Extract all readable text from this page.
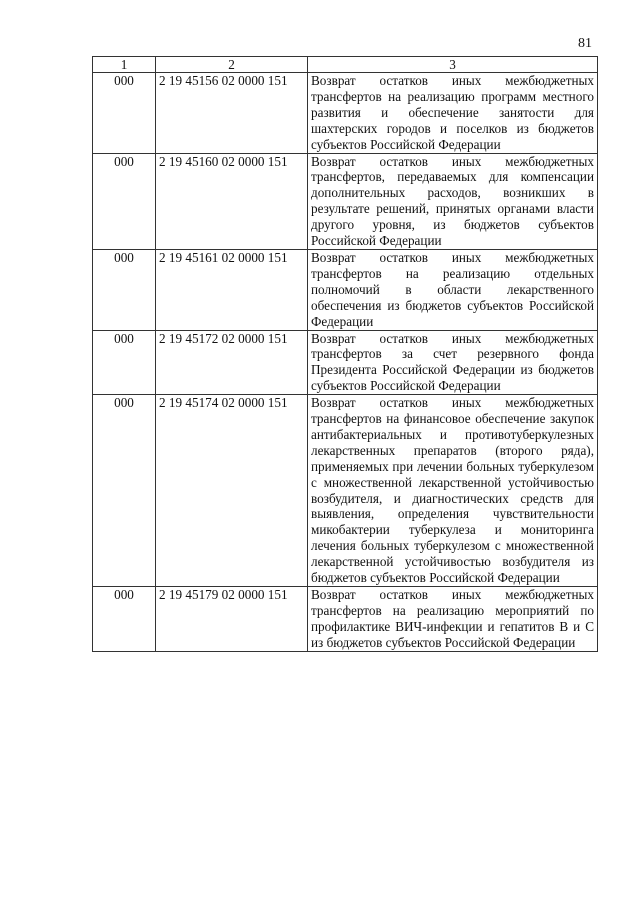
81
1	2	3
000	2 19 45156 02 0000 151	Возврат остатков иных межбюджетных трансфертов на реализацию программ местного развития и обеспечение занятости для шахтерских городов и поселков из бюджетов субъектов Российской Федерации
000	2 19 45160 02 0000 151	Возврат остатков иных межбюджетных трансфертов, передаваемых для компенсации дополнительных расходов, возникших в результате решений, принятых органами власти другого уровня, из бюджетов субъектов Российской Федерации
000	2 19 45161 02 0000 151	Возврат остатков иных межбюджетных трансфертов на реализацию отдельных полномочий в области лекарственного обеспечения из бюджетов субъектов Российской Федерации
000	2 19 45172 02 0000 151	Возврат остатков иных межбюджетных трансфертов за счет резервного фонда Президента Российской Федерации из бюджетов субъектов Российской Федерации
000	2 19 45174 02 0000 151	Возврат остатков иных межбюджетных трансфертов на финансовое обеспечение закупок антибактериальных и противотуберкулезных лекарственных препаратов (второго ряда), применяемых при лечении больных туберкулезом с множественной лекарственной устойчивостью возбудителя, и диагностических средств для выявления, определения чувствительности микобактерии туберкулеза и мониторинга лечения больных туберкулезом с множественной лекарственной устойчивостью возбудителя из бюджетов субъектов Российской Федерации
000	2 19 45179 02 0000 151	Возврат остатков иных межбюджетных трансфертов на реализацию мероприятий по профилактике ВИЧ-инфекции и гепатитов B и C из бюджетов субъектов Российской Федерации
